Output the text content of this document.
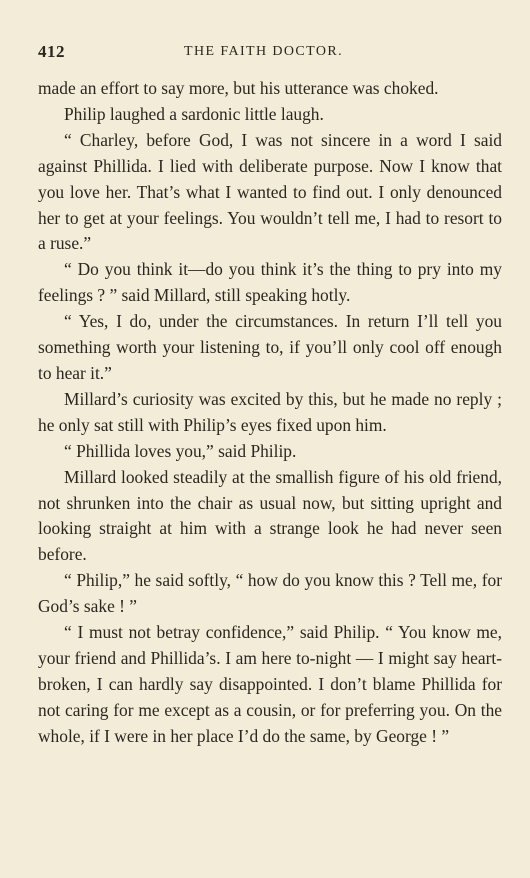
412	THE FAITH DOCTOR.

made an effort to say more, but his utterance was choked.

Philip laughed a sardonic little laugh.

“ Charley, before God, I was not sincere in a word I said against Phillida. I lied with deliberate purpose. Now I know that you love her. That’s what I wanted to find out. I only denounced her to get at your feelings. You wouldn’t tell me, I had to resort to a ruse.”

“ Do you think it—do you think it’s the thing to pry into my feelings ? ” said Millard, still speaking hotly.

“ Yes, I do, under the circumstances. In return I’ll tell you something worth your listening to, if you’ll only cool off enough to hear it.”

Millard’s curiosity was excited by this, but he made no reply ; he only sat still with Philip’s eyes fixed upon him.

“ Phillida loves you,” said Philip.

Millard looked steadily at the smallish figure of his old friend, not shrunken into the chair as usual now, but sitting upright and looking straight at him with a strange look he had never seen before.

“ Philip,” he said softly, “ how do you know this ? Tell me, for God’s sake ! ”

“ I must not betray confidence,” said Philip. “ You know me, your friend and Phillida’s. I am here to-night — I might say heart-broken, I can hardly say disappointed. I don’t blame Phillida for not caring for me except as a cousin, or for preferring you. On the whole, if I were in her place I’d do the same, by George ! ”
